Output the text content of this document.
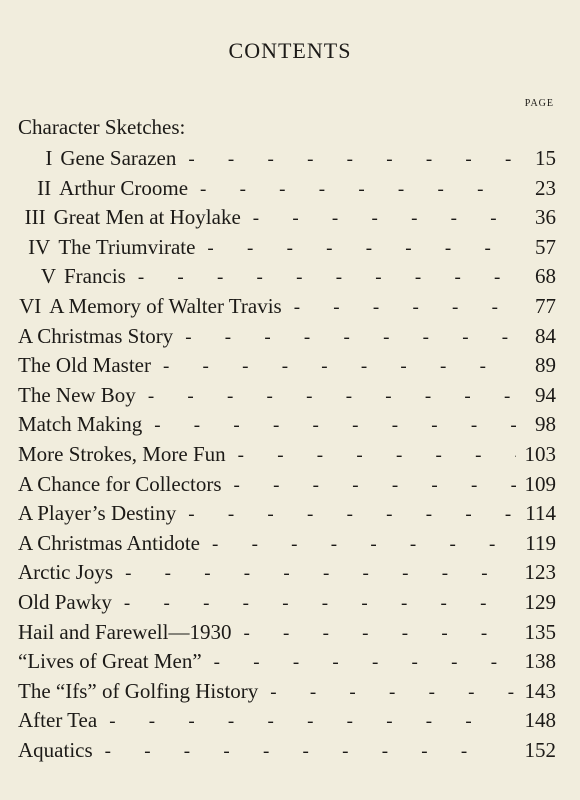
CONTENTS
PAGE
Character Sketches:
I Gene Sarazen -	15
II Arthur Croome -	23
III Great Men at Hoylake -	36
IV The Triumvirate -	57
V Francis -	68
VI A Memory of Walter Travis -	77
A Christmas Story -	84
The Old Master -	89
The New Boy -	94
Match Making -	98
More Strokes, More Fun -	103
A Chance for Collectors -	109
A Player’s Destiny -	114
A Christmas Antidote -	119
Arctic Joys -	123
Old Pawky -	129
Hail and Farewell—1930 -	135
“Lives of Great Men” -	138
The “Ifs” of Golfing History -	143
After Tea -	148
Aquatics -	152
